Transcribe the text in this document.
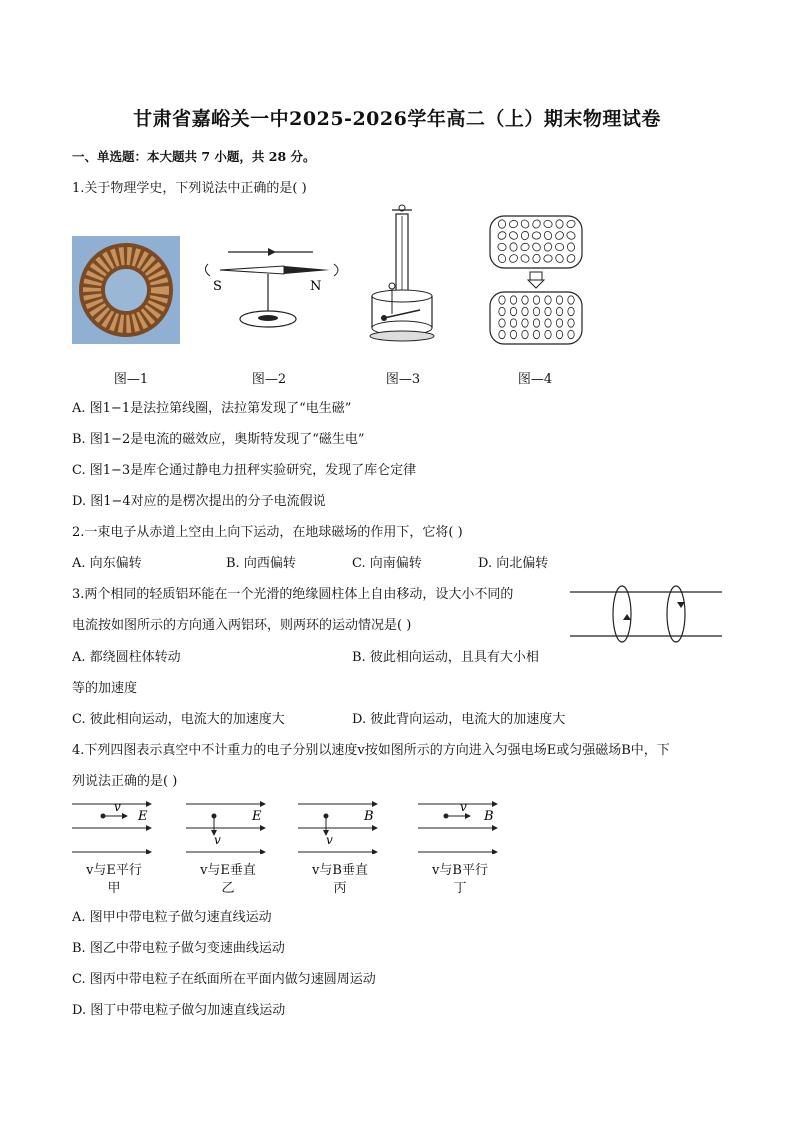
甘肃省嘉峪关一中2025-2026学年高二（上）期末物理试卷
一、单选题：本大题共 7 小题，共 28 分。
1.关于物理学史，下列说法中正确的是( )
S	N
图—1	图—2	图—3	图—4
A. 图1−1是法拉第线圈，法拉第发现了“电生磁”
B. 图1−2是电流的磁效应，奥斯特发现了“磁生电”
C. 图1−3是库仑通过静电力扭秤实验研究，发现了库仑定律
D. 图1−4对应的是楞次提出的分子电流假说
2.一束电子从赤道上空由上向下运动，在地球磁场的作用下，它将( )
A. 向东偏转	B. 向西偏转	C. 向南偏转	D. 向北偏转
3.两个相同的轻质铝环能在一个光滑的绝缘圆柱体上自由移动，设大小不同的
电流按如图所示的方向通入两铝环，则两环的运动情况是( )
A. 都绕圆柱体转动	B. 彼此相向运动，且具有大小相
等的加速度
C. 彼此相向运动，电流大的加速度大	D. 彼此背向运动，电流大的加速度大
4.下列四图表示真空中不计重力的电子分别以速度v按如图所示的方向进入匀强电场E或匀强磁场B中，下
列说法正确的是( )
v
E
v
E
v
B
v
B
v与E平行
甲
v与E垂直
乙
v与B垂直
丙
v与B平行
丁
A. 图甲中带电粒子做匀速直线运动
B. 图乙中带电粒子做匀变速曲线运动
C. 图丙中带电粒子在纸面所在平面内做匀速圆周运动
D. 图丁中带电粒子做匀加速直线运动
